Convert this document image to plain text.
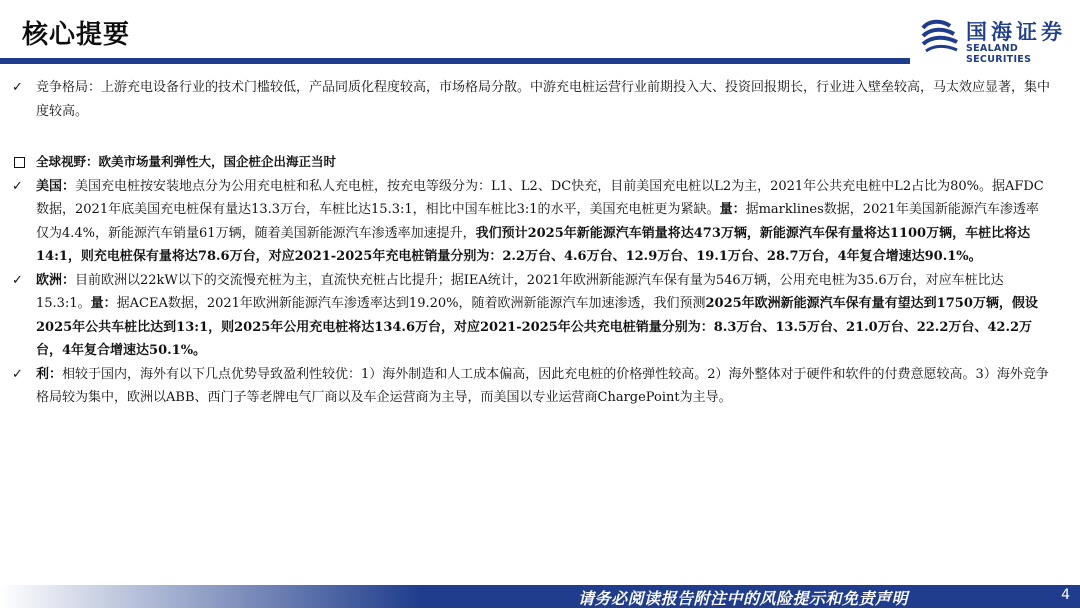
核心提要	国海证券
SEALAND SECURITIES

✓ 竞争格局：上游充电设备行业的技术门槛较低，产品同质化程度较高，市场格局分散。中游充电桩运营行业前期投入大、投资回报期长，行业进入壁垒较高，马太效应显著，集中度较高。

全球视野：欧美市场量利弹性大，国企桩企出海正当时

✓ 美国：美国充电桩按安装地点分为公用充电桩和私人充电桩，按充电等级分为：L1、L2、DC快充，目前美国充电桩以L2为主，2021年公共充电桩中L2占比为80%。据AFDC数据，2021年底美国充电桩保有量达13.3万台，车桩比达15.3:1，相比中国车桩比3:1的水平，美国充电桩更为紧缺。量：据marklines数据，2021年美国新能源汽车渗透率仅为4.4%，新能源汽车销量61万辆，随着美国新能源汽车渗透率加速提升，我们预计2025年新能源汽车销量将达473万辆，新能源汽车保有量将达1100万辆，车桩比将达14:1，则充电桩保有量将达78.6万台，对应2021-2025年充电桩销量分别为：2.2万台、4.6万台、12.9万台、19.1万台、28.7万台，4年复合增速达90.1%。

✓ 欧洲：目前欧洲以22kW以下的交流慢充桩为主，直流快充桩占比提升；据IEA统计，2021年欧洲新能源汽车保有量为546万辆，公用充电桩为35.6万台，对应车桩比达15.3:1。量：据ACEA数据，2021年欧洲新能源汽车渗透率达到19.20%，随着欧洲新能源汽车加速渗透，我们预测2025年欧洲新能源汽车保有量有望达到1750万辆，假设2025年公共车桩比达到13:1，则2025年公用充电桩将达134.6万台，对应2021-2025年公共充电桩销量分别为：8.3万台、13.5万台、21.0万台、22.2万台、42.2万台，4年复合增速达50.1%。

✓ 利：相较于国内，海外有以下几点优势导致盈利性较优：1）海外制造和人工成本偏高，因此充电桩的价格弹性较高。2）海外整体对于硬件和软件的付费意愿较高。3）海外竞争格局较为集中，欧洲以ABB、西门子等老牌电气厂商以及车企运营商为主导，而美国以专业运营商ChargePoint为主导。

请务必阅读报告附注中的风险提示和免责声明	4
